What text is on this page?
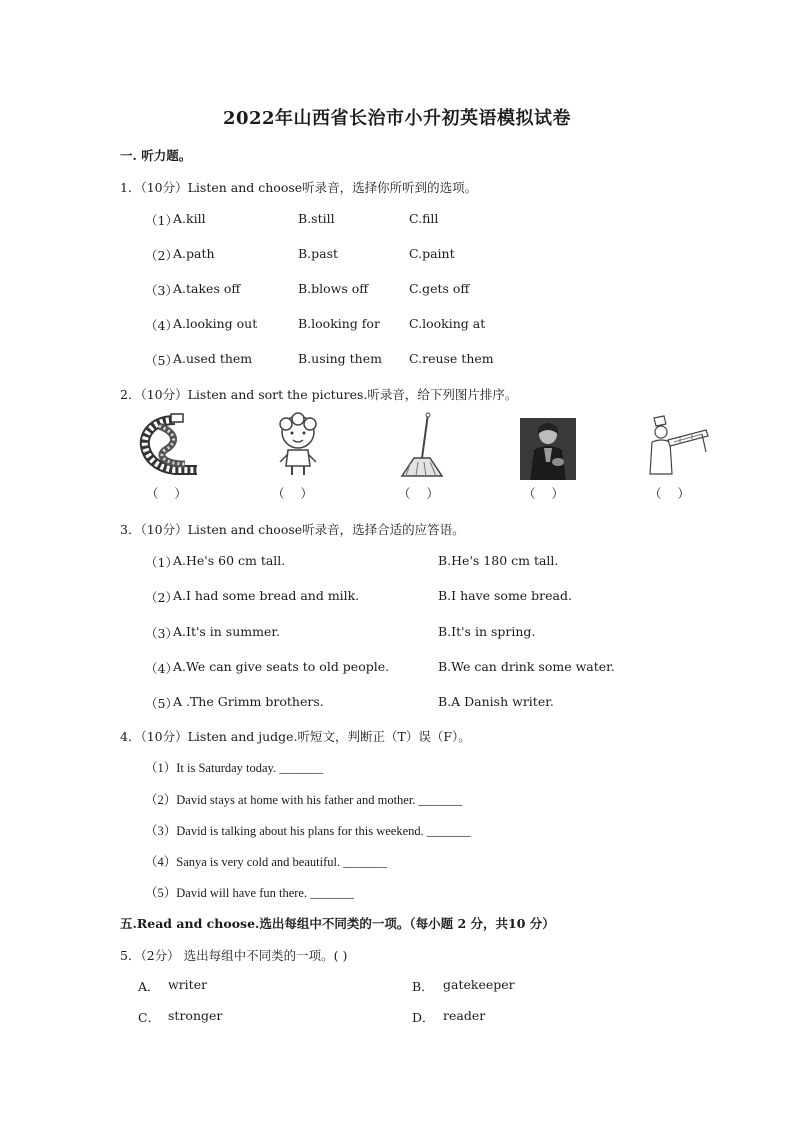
2022年山西省长治市小升初英语模拟试卷
一. 听力题。
1．（10分）Listen and choose听录音，选择你所听到的选项。
（1）
A.kill	B.still	C.fill
（2）
A.path	B.past	C.paint
（3）
A.takes off	B.blows off	C.gets off
（4）
A.looking out	B.looking for C.looking at
（5）
A.used them	B.using them C.reuse them
2．（10分）Listen and sort the pictures.听录音，给下列图片排序。
（    ）	（    ）	（    ）	（    ）	（    ）
3．（10分）Listen and choose听录音，选择合适的应答语。
（1）
A.He's 60 cm tall.	B.He's 180 cm tall.
（2）
A.I had some bread and milk.	B.I have some bread.
（3）
A.It's in summer.	B.It's in spring.
（4）
A.We can give seats to old people.	B.We can drink some water.
（5）
A .The Grimm brothers.	B.A Danish writer.
4．（10分）Listen and judge.听短文，判断正（T）误（F）。
（1）It is Saturday today. _______
（2）David stays at home with his father and mother. _______
（3）David is talking about his plans for this weekend. _______
（4）Sanya is very cold and beautiful. _______
（5）David will have fun there. _______
五.Read and choose.选出每组中不同类的一项。（每小题 2 分，共10 分）
5．（2分） 选出每组中不同类的一项。( )
A． writer	B． gatekeeper
C． stronger	D． reader
